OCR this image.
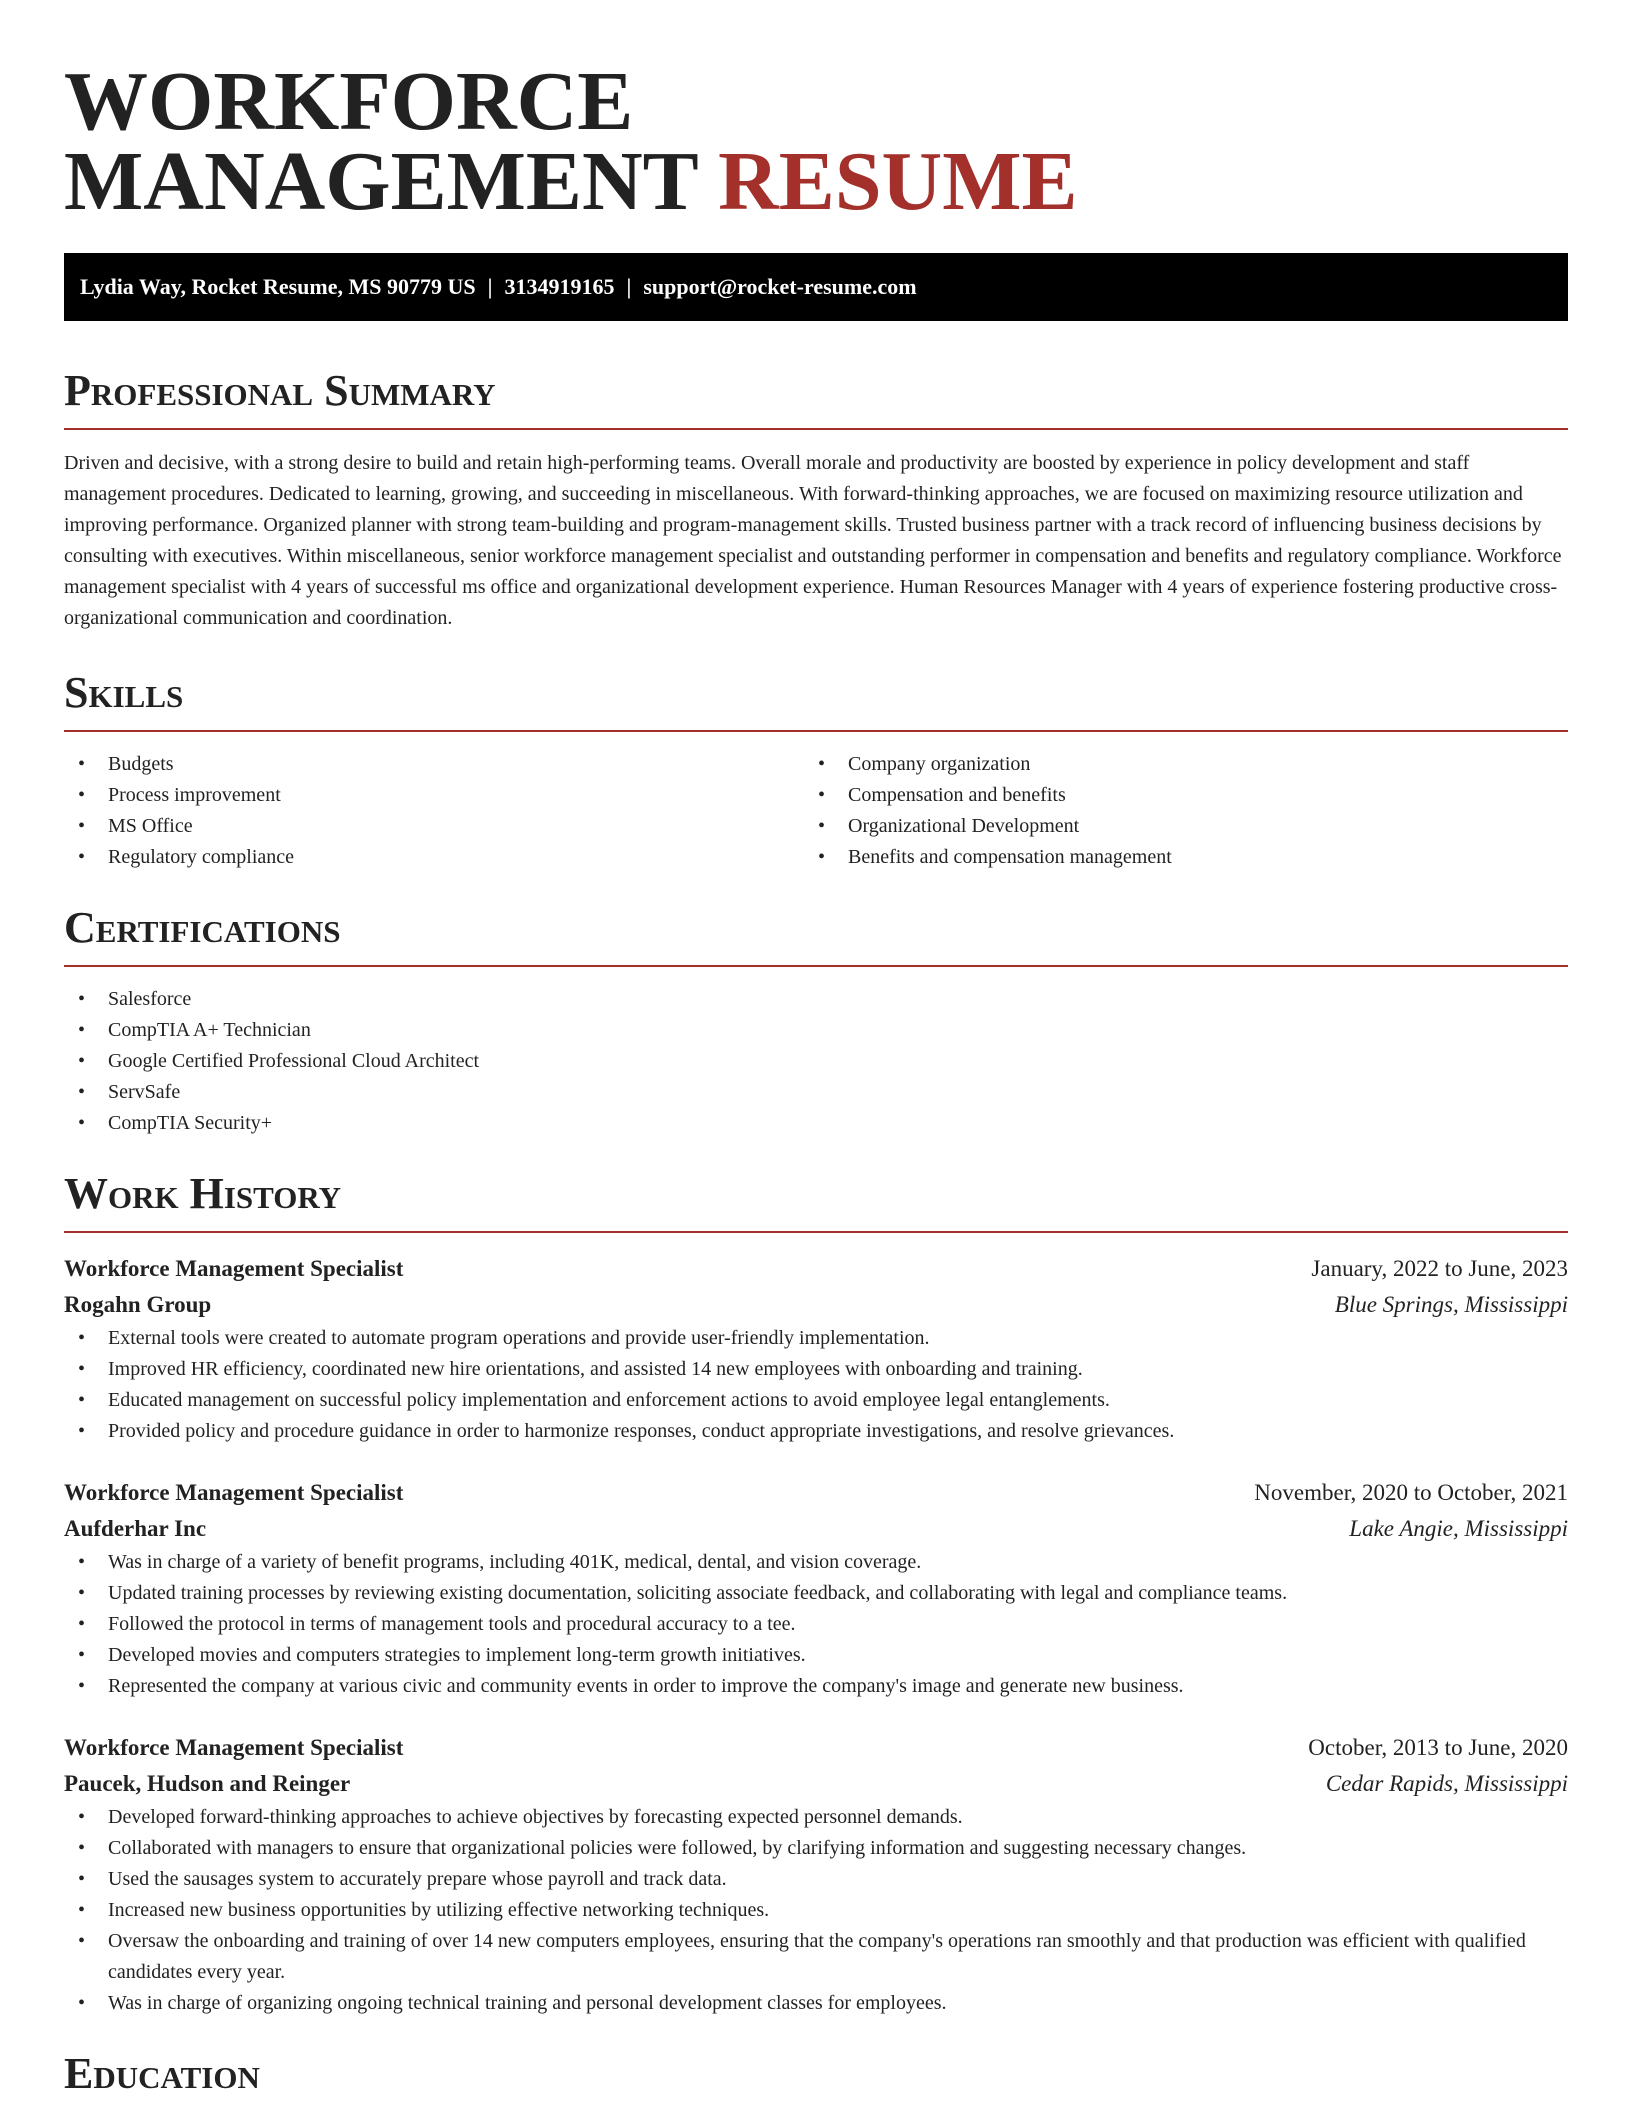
WORKFORCE
MANAGEMENT RESUME
Lydia Way, Rocket Resume, MS 90779 US | 3134919165 | support@rocket-resume.com
Professional Summary

Driven and decisive, with a strong desire to build and retain high-performing teams. Overall morale and productivity are boosted by experience in policy development and staff management procedures. Dedicated to learning, growing, and succeeding in miscellaneous. With forward-thinking approaches, we are focused on maximizing resource utilization and improving performance. Organized planner with strong team-building and program-management skills. Trusted business partner with a track record of influencing business decisions by consulting with executives. Within miscellaneous, senior workforce management specialist and outstanding performer in compensation and benefits and regulatory compliance. Workforce management specialist with 4 years of successful ms office and organizational development experience. Human Resources Manager with 4 years of experience fostering productive cross-organizational communication and coordination.

Skills
• Budgets
• Process improvement
• MS Office
• Regulatory compliance
• Company organization
• Compensation and benefits
• Organizational Development
• Benefits and compensation management
Certifications
• Salesforce
• CompTIA A+ Technician
• Google Certified Professional Cloud Architect
• ServSafe
• CompTIA Security+
Work History
Workforce Management Specialist	January, 2022 to June, 2023
Rogahn Group	Blue Springs, Mississippi
• External tools were created to automate program operations and provide user-friendly implementation.
• Improved HR efficiency, coordinated new hire orientations, and assisted 14 new employees with onboarding and training.
• Educated management on successful policy implementation and enforcement actions to avoid employee legal entanglements.
• Provided policy and procedure guidance in order to harmonize responses, conduct appropriate investigations, and resolve grievances.
Workforce Management Specialist	November, 2020 to October, 2021
Aufderhar Inc	Lake Angie, Mississippi
• Was in charge of a variety of benefit programs, including 401K, medical, dental, and vision coverage.
• Updated training processes by reviewing existing documentation, soliciting associate feedback, and collaborating with legal and compliance teams.
• Followed the protocol in terms of management tools and procedural accuracy to a tee.
• Developed movies and computers strategies to implement long-term growth initiatives.
• Represented the company at various civic and community events in order to improve the company's image and generate new business.
Workforce Management Specialist	October, 2013 to June, 2020
Paucek, Hudson and Reinger	Cedar Rapids, Mississippi
• Developed forward-thinking approaches to achieve objectives by forecasting expected personnel demands.
• Collaborated with managers to ensure that organizational policies were followed, by clarifying information and suggesting necessary changes.
• Used the sausages system to accurately prepare whose payroll and track data.
• Increased new business opportunities by utilizing effective networking techniques.
• Oversaw the onboarding and training of over 14 new computers employees, ensuring that the company's operations ran smoothly and that production was efficient with qualified candidates every year.
• Was in charge of organizing ongoing technical training and personal development classes for employees.
Education
